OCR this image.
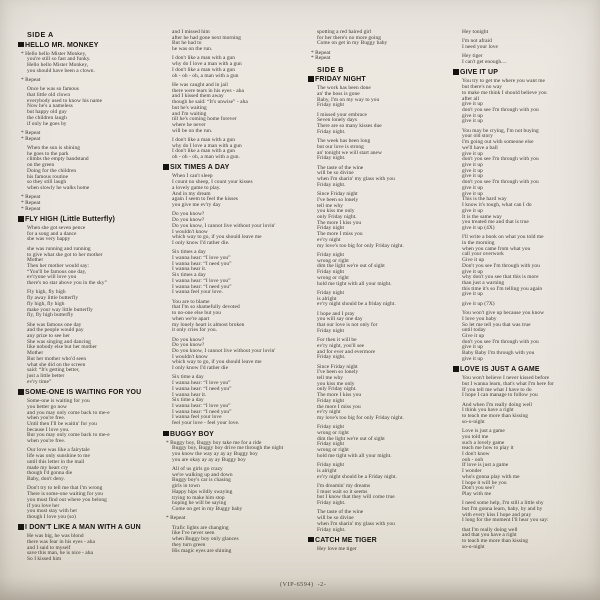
SIDE A
HELLO MR. MONKEY
* Hello hello Mister Monkey,
you're still so fast and funky.
Hello hello Mister Monkey,
you should have been a clown.
* Repeat
Once he was so famous
that little old clown
everybody used to know his name
Now he's a nameless
but happy old guy
the children laugh
if only he goes by
* Repeat
* Repeat
When the sun is shining
he goes to the park
climbs the empty bandstand
on the green
Doing for the children
his famous routine
so they still laugh
when slowly he walks home
* Repeat
* Repeat
* Repeat
FLY HIGH (Little Butterfly)
When she got seven pence
for a song and a dance
she was very happy
she was running and running
to give what she got to her mother
Mother
Then her mother would say:
“You'll be famous one day,
ev'ryone will love you
there's no star above you in the sky”
Fly high, fly high
fly away little butterfly
fly high, fly high
make your way little butterfly
fly, fly high butterfly
She was famous one day
and the people would pay
any prize to see her
She was singing and dancing
like nobody else but her mother
Mother
But her mother who'd seen
what she did on the screen
said: “It's getting better,
just a little better
ev'ry time”
SOME-ONE IS WAITING FOR YOU
Some-one is waiting for you
you better go now
and you may only come back to me-e
when you're free.
Until then I'll be waitin' for you
because I love you.
But you may only come back to me-e
when you're free.
Our love was like a fairytale
life was only sunshine to me
until this letter in the mail
made my heart cry
though I'd gonna die
Baby, don't deny.
Don't try to tell me that I'm wrong
There is some-one waiting for you
you must find out where you belong
if you love her
you must stay with her
though I love you (so)
I DON'T LIKE A MAN WITH A GUN
He was big, he was blond
there was fear in his eyes - aha
and I said to myself
save this man, he is nice - aha
So I kissed him
and I missed him
after he had gone next morning
But he had to
he was on the run.
I don't like a man with a gun
why do I love a man with a gun
I don't like a man with a gun
oh - oh - oh, a man with a gun
He was caught and in jail
there were tears in his eyes - aha
and I kissed them away
though he said: “It's unwise” - aha
but he's waiting
and I'm waiting
till he's coming home forever
where he never
will be on the run.
I don't like a man with a gun
why do I love a man with a gun
I don't like a man with a gun
oh - oh - oh, a man with a gun.
SIX TIMES A DAY
When I can't sleep
I count no sheep, I count your kisses
a lovely game to play.
And in my dream
again I seem to feel the kisses
you give me ev'ry day
Do you know?
Do you know?
Do you know, I cannot live without your lovin'
I wouldn't know
which way to go, if you should leave me
I only know I'd rather die.
Six times a day
I wanna hear: “I love you”
I wanna hear: “I need you”
I wanna hear it.
Six times a day
I wanna hear: “I love you”
I wanna hear: “I need you”
I wanna feel your love.
You are to blame
that I'm so shamefully devoted
to no-one else but you
when we're apart
my lonely heart is almost broken
it only cries for you.
Do you know?
Do you know?
Do you know, I cannot live without your lovin'
I wouldn't know
which way to go, if you should leave me
I only know I'd rather die
Six time a day
I wanna hear: “I love you”
I wanna hear: “I need you”
I wanna hear it.
Six time a day
I wanna hear: “I love you”
I wanna hear: “I need you”
I wanna feel your love
feel your love - feel your love.
BUGGY BOY
* Buggy boy, Buggy boy take me for a ride
Buggy boy, Buggy boy drive me through the night
you know the way ay ay ay Buggy boy
you are okay ay ay ay Buggy boy
All of us girls go crazy
we're walking up and down
Buggy boy's car is chasing
girls in town
Happy hips wildly swaying
trying to make him stop
hoping he will be saying
Come on get in my Buggy baby
* Repeat
Trafic lights are changing
like I've never seen
when Buggy boy only glances
they turn green
His magic eyes are shining
spotting a red haired girl
for her there's no more going
Come on get in my Buggy baby
* Repeat
* Repeat
SIDE B
FRIDAY NIGHT
The work has been done
an' the boss is gone
Baby, I'm on my way to you
Friday night
I missed your embrace
Seven lonely days
There are so many kisses due
Friday night.
The week has been long
but our love is strong
an' tonight we will start anew
Friday night.
The taste of the wine
will be so divine
when I'm sharin' my glass with you
Friday night.
Since Friday night
I've been so lonely
tell me why
you kiss me only
only Friday night.
The more I kiss you
Friday night
The more I miss you
ev'ry night
my love's too big for only Friday night.
Friday night
wrong or right
dim the light we're out of sight
Friday night
wrong or right
hold me tight with all your might.
Friday night
is alright
ev'ry night should be a friday night.
I hope and I pray
you will say one day
that our love is not only for
Friday night
For then it will be
ev'ry night, you'll see
and for ever and evermore
Friday night.
Since Friday night
I've been so lonely
tell me why
you kiss me only
only Friday night.
The more I kiss you
Friday night
the more I miss you
ev'ry night
my love's too big for only Friday night.
Friday night
wrong or right
dim the light we're out of sight
Friday night
wrong or right
hold me tight with all your might.
Friday night
is alright
ev'ry night should be a Friday night.
I'm dreamin' my dreams
I must wait so it seems
but I know that they will come true
Friday night.
The taste of the wine
will be so divine
when I'm sharin' my glass with you
Friday night.
CATCH ME TIGER
Hey love me tiger
Hey tonight
I'm not afraid
I need your love
Hey tiger
I can't get enough....
GIVE IT UP
You try to get me where you want me
but there's no way
to make me think I should believe you
after all
give it up
don't you see I'm through with you
give it up
give it up
You may be crying, I'm not buying
your old story
I'm going out with someone else
we'll have a ball
give it up
don't you see I'm through with you
give it up
give it up
give it up
don't you see I'm through with you
give it up
give it up
This is the hard way
I know it's tough, what can I do
give it up
It is the same way
you treated me and that is true
give it up (4X)
I'll write a book on what you told me
in the morning
when you came from what you
call your overwork
Give it up
Don't you see I'm through with you
give it up
why don't you see that this is more
than just a warning
this time it's so I'm telling you again
give it up
give it up (7X)
You won't give up because you know
I love you baby
So let me tell you that was true
until today
Give it up
don't you see I'm through with you
give it up
Baby Baby I'm through with you
give it up
LOVE IS JUST A GAME
You won't believe I never kissed before
but I wanna learn, that's what I'm here for
If you tell me what I have to do
I hope I can manage to follow you
And when I'm really doing well
I think you have a right
to teach me more than kissing
so-o-night
Love is just a game
you told me
such a lovely game
teach me how to play it
I don't know
ooh - ooh
If love is just a game
I wonder
who's gonna play with me
I hope it will be you
Don't you see?
Play with me
I need some help, I'm still a little shy
but I'm gonna learn, baby, by and by
with every kiss I hope and pray
I long for the moment I'll hear you say:
that I'm really doing well
and that you have a right
to teach me more than kissing
so-o-night
(VIP-6594)  -2-
